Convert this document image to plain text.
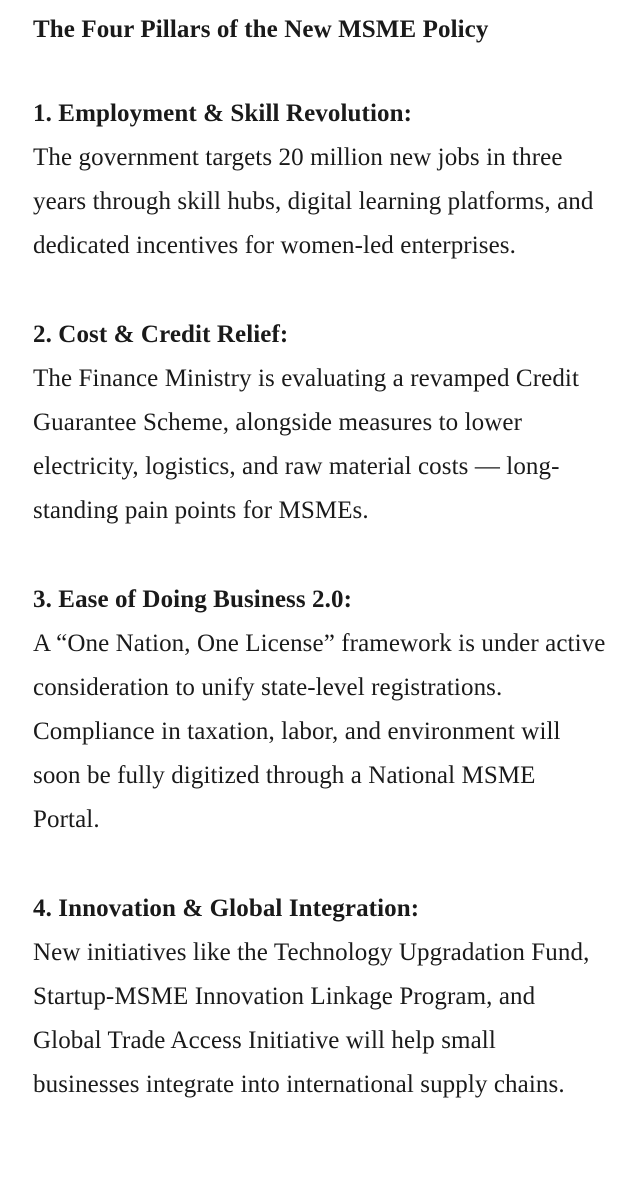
The Four Pillars of the New MSME Policy
1. Employment & Skill Revolution:

The government targets 20 million new jobs in three years through skill hubs, digital learning platforms, and dedicated incentives for women-led enterprises.

2. Cost & Credit Relief:

The Finance Ministry is evaluating a revamped Credit Guarantee Scheme, alongside measures to lower electricity, logistics, and raw material costs — long-standing pain points for MSMEs.

3. Ease of Doing Business 2.0:

A “One Nation, One License” framework is under active consideration to unify state-level registrations. Compliance in taxation, labor, and environment will soon be fully digitized through a National MSME Portal.

4. Innovation & Global Integration:

New initiatives like the Technology Upgradation Fund, Startup-MSME Innovation Linkage Program, and Global Trade Access Initiative will help small businesses integrate into international supply chains.
